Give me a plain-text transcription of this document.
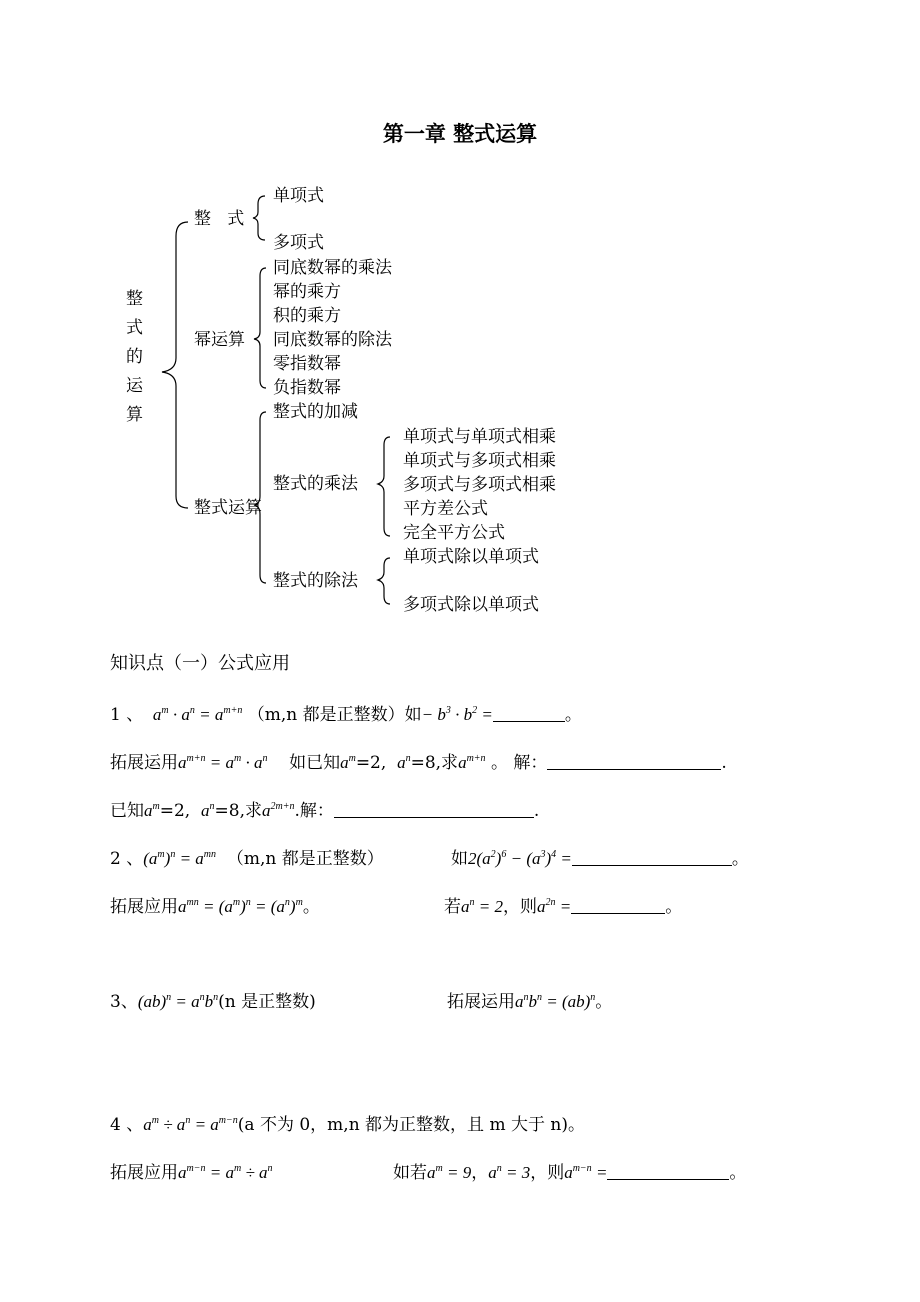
第一章 整式运算
整
式
的
运
算
整   式
单项式
多项式
幂运算
同底数幂的乘法
幂的乘方
积的乘方
同底数幂的除法
零指数幂
负指数幂
整式运算
整式的加减
整式的乘法
单项式与单项式相乘
单项式与多项式相乘
多项式与多项式相乘
平方差公式
完全平方公式
整式的除法
单项式除以单项式
多项式除以单项式
知识点（一）公式应用
1 、  $a^m \cdot a^n = a^{m+n}$ （m,n 都是正整数）如− $b^3 \cdot b^2$ =	。
拓展运用$a^{m+n} = a^m \cdot a^n$ 如已知$a^m=2$, $a^n=8$,求$a^{m+n}$ 。 解：	.
已知$a^m=2$, $a^n=8$,求$a^{2m+n}$.解：	.
2 、$(a^m)^n = a^{mn}$ （m,n 都是正整数）	如$2(a^2)^6 - (a^3)^4$ =	。
拓展应用$a^{mn} = (a^m)^n = (a^n)^m$。	若$a^n = 2$，则$a^{2n}$ =	。
3、$(ab)^n = a^nb^n(n$ 是正整数)	拓展运用$a^nb^n = (ab)^n$。
4 、$a^m \div a^n = a^{m-n}(a$ 不为 0，m,n 都为正整数，且 m 大于 n)。
拓展应用$a^{m-n} = a^m \div a^n$	如若$a^m = 9$，$a^n = 3$，则$a^{m-n}$ =	。
